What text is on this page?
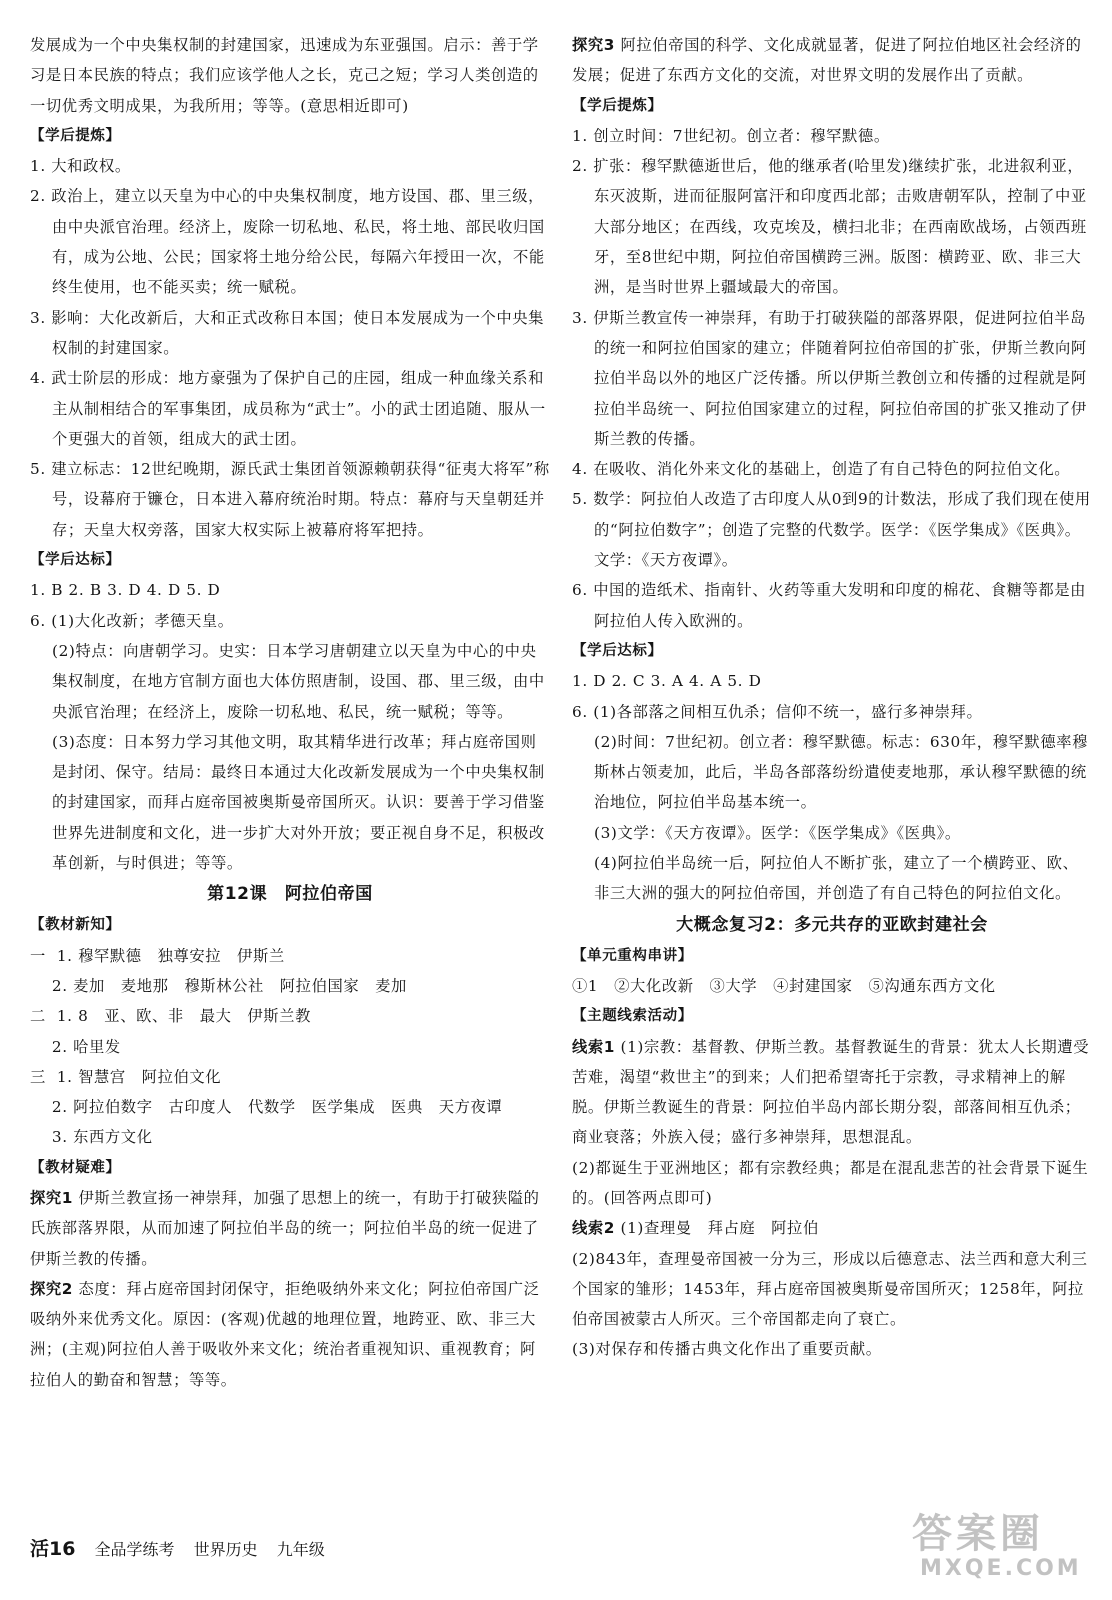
发展成为一个中央集权制的封建国家，迅速成为东亚强国。启示：善于学习是日本民族的特点；我们应该学他人之长，克己之短；学习人类创造的一切优秀文明成果，为我所用；等等。(意思相近即可)

【学后提炼】

1. 大和政权。

2. 政治上，建立以天皇为中心的中央集权制度，地方设国、郡、里三级，由中央派官治理。经济上，废除一切私地、私民，将土地、部民收归国有，成为公地、公民；国家将土地分给公民，每隔六年授田一次，不能终生使用，也不能买卖；统一赋税。

3. 影响：大化改新后，大和正式改称日本国；使日本发展成为一个中央集权制的封建国家。

4. 武士阶层的形成：地方豪强为了保护自己的庄园，组成一种血缘关系和主从制相结合的军事集团，成员称为“武士”。小的武士团追随、服从一个更强大的首领，组成大的武士团。

5. 建立标志：12世纪晚期，源氏武士集团首领源赖朝获得“征夷大将军”称号，设幕府于镰仓，日本进入幕府统治时期。特点：幕府与天皇朝廷并存；天皇大权旁落，国家大权实际上被幕府将军把持。

【学后达标】

1. B 2. B 3. D 4. D 5. D

6. (1)大化改新；孝德天皇。

(2)特点：向唐朝学习。史实：日本学习唐朝建立以天皇为中心的中央集权制度，在地方官制方面也大体仿照唐制，设国、郡、里三级，由中央派官治理；在经济上，废除一切私地、私民，统一赋税；等等。

(3)态度：日本努力学习其他文明，取其精华进行改革；拜占庭帝国则是封闭、保守。结局：最终日本通过大化改新发展成为一个中央集权制的封建国家，而拜占庭帝国被奥斯曼帝国所灭。认识：要善于学习借鉴世界先进制度和文化，进一步扩大对外开放；要正视自身不足，积极改革创新，与时俱进；等等。

第12课　阿拉伯帝国

【教材新知】

一  1. 穆罕默德　独尊安拉　伊斯兰

2. 麦加　麦地那　穆斯林公社　阿拉伯国家　麦加

二  1. 8　亚、欧、非　最大　伊斯兰教

2. 哈里发

三  1. 智慧宫　阿拉伯文化

2. 阿拉伯数字　古印度人　代数学　医学集成　医典　天方夜谭

3. 东西方文化

【教材疑难】

探究1 伊斯兰教宣扬一神崇拜，加强了思想上的统一，有助于打破狭隘的氏族部落界限，从而加速了阿拉伯半岛的统一；阿拉伯半岛的统一促进了伊斯兰教的传播。

探究2 态度：拜占庭帝国封闭保守，拒绝吸纳外来文化；阿拉伯帝国广泛吸纳外来优秀文化。原因：(客观)优越的地理位置，地跨亚、欧、非三大洲；(主观)阿拉伯人善于吸收外来文化；统治者重视知识、重视教育；阿拉伯人的勤奋和智慧；等等。

探究3 阿拉伯帝国的科学、文化成就显著，促进了阿拉伯地区社会经济的发展；促进了东西方文化的交流，对世界文明的发展作出了贡献。

【学后提炼】

1. 创立时间：7世纪初。创立者：穆罕默德。

2. 扩张：穆罕默德逝世后，他的继承者(哈里发)继续扩张，北进叙利亚，东灭波斯，进而征服阿富汗和印度西北部；击败唐朝军队，控制了中亚大部分地区；在西线，攻克埃及，横扫北非；在西南欧战场，占领西班牙，至8世纪中期，阿拉伯帝国横跨三洲。版图：横跨亚、欧、非三大洲，是当时世界上疆域最大的帝国。

3. 伊斯兰教宣传一神崇拜，有助于打破狭隘的部落界限，促进阿拉伯半岛的统一和阿拉伯国家的建立；伴随着阿拉伯帝国的扩张，伊斯兰教向阿拉伯半岛以外的地区广泛传播。所以伊斯兰教创立和传播的过程就是阿拉伯半岛统一、阿拉伯国家建立的过程，阿拉伯帝国的扩张又推动了伊斯兰教的传播。

4. 在吸收、消化外来文化的基础上，创造了有自己特色的阿拉伯文化。

5. 数学：阿拉伯人改造了古印度人从0到9的计数法，形成了我们现在使用的“阿拉伯数字”；创造了完整的代数学。医学：《医学集成》《医典》。文学：《天方夜谭》。

6. 中国的造纸术、指南针、火药等重大发明和印度的棉花、食糖等都是由阿拉伯人传入欧洲的。

【学后达标】

1. D 2. C 3. A 4. A 5. D

6. (1)各部落之间相互仇杀；信仰不统一，盛行多神崇拜。

(2)时间：7世纪初。创立者：穆罕默德。标志：630年，穆罕默德率穆斯林占领麦加，此后，半岛各部落纷纷遣使麦地那，承认穆罕默德的统治地位，阿拉伯半岛基本统一。

(3)文学：《天方夜谭》。医学：《医学集成》《医典》。

(4)阿拉伯半岛统一后，阿拉伯人不断扩张，建立了一个横跨亚、欧、非三大洲的强大的阿拉伯帝国，并创造了有自己特色的阿拉伯文化。

大概念复习2：多元共存的亚欧封建社会

【单元重构串讲】

①1　②大化改新　③大学　④封建国家　⑤沟通东西方文化

【主题线索活动】

线索1 (1)宗教：基督教、伊斯兰教。基督教诞生的背景：犹太人长期遭受苦难，渴望“救世主”的到来；人们把希望寄托于宗教，寻求精神上的解脱。伊斯兰教诞生的背景：阿拉伯半岛内部长期分裂，部落间相互仇杀；商业衰落；外族入侵；盛行多神崇拜，思想混乱。

(2)都诞生于亚洲地区；都有宗教经典；都是在混乱悲苦的社会背景下诞生的。(回答两点即可)

线索2 (1)查理曼　拜占庭　阿拉伯

(2)843年，查理曼帝国被一分为三，形成以后德意志、法兰西和意大利三个国家的雏形；1453年，拜占庭帝国被奥斯曼帝国所灭；1258年，阿拉伯帝国被蒙古人所灭。三个帝国都走向了衰亡。

(3)对保存和传播古典文化作出了重要贡献。

活16 全品学练考 世界历史 九年级	答案圈
MXQE.COM
